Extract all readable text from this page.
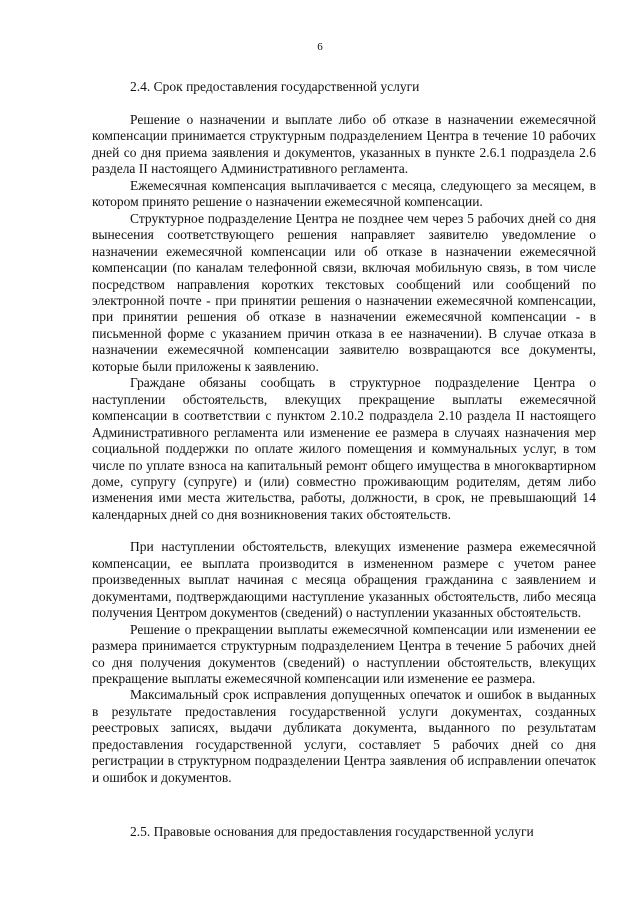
6
2.4. Срок предоставления государственной услуги

Решение о назначении и выплате либо об отказе в назначении ежемесячной компенсации принимается структурным подразделением Центра в течение 10 рабочих дней со дня приема заявления и документов, указанных в пункте 2.6.1 подраздела 2.6 раздела II настоящего Административного регламента.

Ежемесячная компенсация выплачивается с месяца, следующего за месяцем, в котором принято решение о назначении ежемесячной компенсации.

Структурное подразделение Центра не позднее чем через 5 рабочих дней со дня вынесения соответствующего решения направляет заявителю уведомление о назначении ежемесячной компенсации или об отказе в назначении ежемесячной компенсации (по каналам телефонной связи, включая мобильную связь, в том числе посредством направления коротких текстовых сообщений или сообщений по электронной почте - при принятии решения о назначении ежемесячной компенсации, при принятии решения об отказе в назначении ежемесячной компенсации - в письменной форме с указанием причин отказа в ее назначении). В случае отказа в назначении ежемесячной компенсации заявителю возвращаются все документы, которые были приложены к заявлению.

Граждане обязаны сообщать в структурное подразделение Центра о наступлении обстоятельств, влекущих прекращение выплаты ежемесячной компенсации в соответствии с пунктом 2.10.2 подраздела 2.10 раздела II настоящего Административного регламента или изменение ее размера в случаях назначения мер социальной поддержки по оплате жилого помещения и коммунальных услуг, в том числе по уплате взноса на капитальный ремонт общего имущества в многоквартирном доме, супругу (супруге) и (или) совместно проживающим родителям, детям либо изменения ими места жительства, работы, должности, в срок, не превышающий 14 календарных дней со дня возникновения таких обстоятельств.

При наступлении обстоятельств, влекущих изменение размера ежемесячной компенсации, ее выплата производится в измененном размере с учетом ранее произведенных выплат начиная с месяца обращения гражданина с заявлением и документами, подтверждающими наступление указанных обстоятельств, либо месяца получения Центром документов (сведений) о наступлении указанных обстоятельств.

Решение о прекращении выплаты ежемесячной компенсации или изменении ее размера принимается структурным подразделением Центра в течение 5 рабочих дней со дня получения документов (сведений) о наступлении обстоятельств, влекущих прекращение выплаты ежемесячной компенсации или изменение ее размера.

Максимальный срок исправления допущенных опечаток и ошибок в выданных в результате предоставления государственной услуги документах, созданных реестровых записях, выдачи дубликата документа, выданного по результатам предоставления государственной услуги, составляет 5 рабочих дней со дня регистрации в структурном подразделении Центра заявления об исправлении опечаток и ошибок и документов.

2.5. Правовые основания для предоставления государственной услуги
